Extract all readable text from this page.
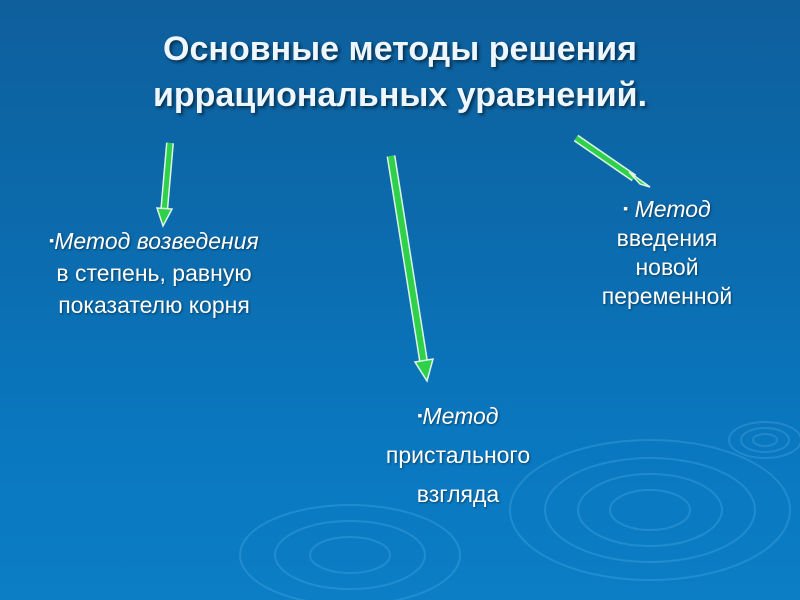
Основные методы решения
иррациональных уравнений.
▪Метод возведения
в степень, равную
показателю корня
▪Метод
пристального
взгляда
▪ Метод
введения
новой
переменной
